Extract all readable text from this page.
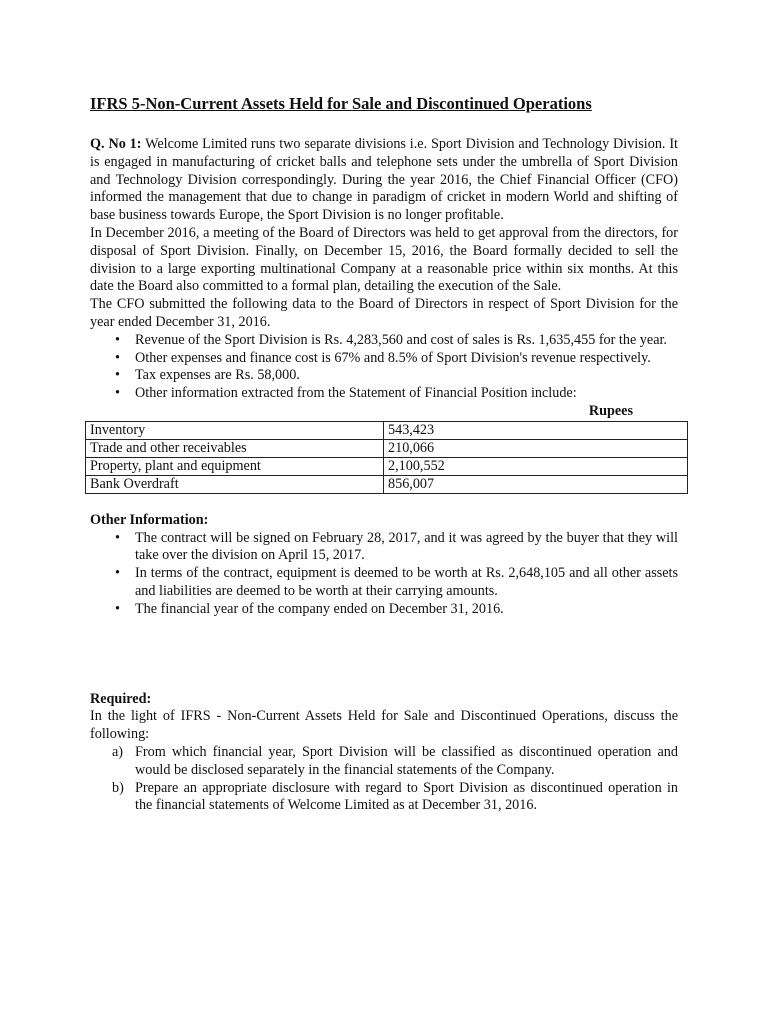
IFRS 5-Non-Current Assets Held for Sale and Discontinued Operations

Q. No 1: Welcome Limited runs two separate divisions i.e. Sport Division and Technology Division. It is engaged in manufacturing of cricket balls and telephone sets under the umbrella of Sport Division and Technology Division correspondingly. During the year 2016, the Chief Financial Officer (CFO) informed the management that due to change in paradigm of cricket in modern World and shifting of base business towards Europe, the Sport Division is no longer profitable.

In December 2016, a meeting of the Board of Directors was held to get approval from the directors, for disposal of Sport Division. Finally, on December 15, 2016, the Board formally decided to sell the division to a large exporting multinational Company at a reasonable price within six months. At this date the Board also committed to a formal plan, detailing the execution of the Sale.

The CFO submitted the following data to the Board of Directors in respect of Sport Division for the year ended December 31, 2016.

• Revenue of the Sport Division is Rs. 4,283,560 and cost of sales is Rs. 1,635,455 for the year.
• Other expenses and finance cost is 67% and 8.5% of Sport Division's revenue respectively.
• Tax expenses are Rs. 58,000.
• Other information extracted from the Statement of Financial Position include:

Rupees

Inventory	543,423
Trade and other receivables	210,066
Property, plant and equipment	2,100,552
Bank Overdraft	856,007

Other Information:

• The contract will be signed on February 28, 2017, and it was agreed by the buyer that they will take over the division on April 15, 2017.
• In terms of the contract, equipment is deemed to be worth at Rs. 2,648,105 and all other assets and liabilities are deemed to be worth at their carrying amounts.
• The financial year of the company ended on December 31, 2016.

Required:

In the light of IFRS - Non-Current Assets Held for Sale and Discontinued Operations, discuss the following:

a) From which financial year, Sport Division will be classified as discontinued operation and would be disclosed separately in the financial statements of the Company.
b) Prepare an appropriate disclosure with regard to Sport Division as discontinued operation in the financial statements of Welcome Limited as at December 31, 2016.
